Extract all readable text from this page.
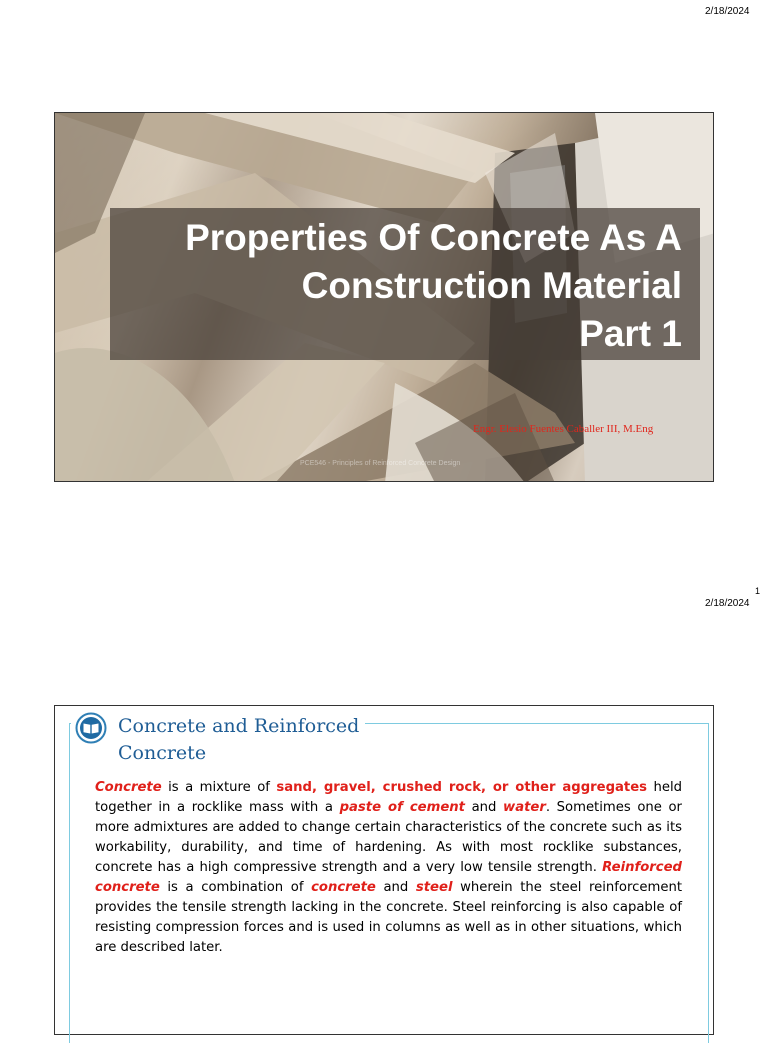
2/18/2024
Properties Of Concrete As A
Construction Material
Part 1
Engr. Elesio Fuentes Caballer III, M.Eng
PCE546 - Principles of Reinforced Concrete Design
1
2/18/2024
Concrete and Reinforced
Concrete
Concrete is a mixture of sand, gravel, crushed rock, or other aggregates held together in a rocklike mass with a paste of cement and water. Sometimes one or more admixtures are added to change certain characteristics of the concrete such as its workability, durability, and time of hardening. As with most rocklike substances, concrete has a high compressive strength and a very low tensile strength. Reinforced concrete is a combination of concrete and steel wherein the steel reinforcement provides the tensile strength lacking in the concrete. Steel reinforcing is also capable of resisting compression forces and is used in columns as well as in other situations, which are described later.
